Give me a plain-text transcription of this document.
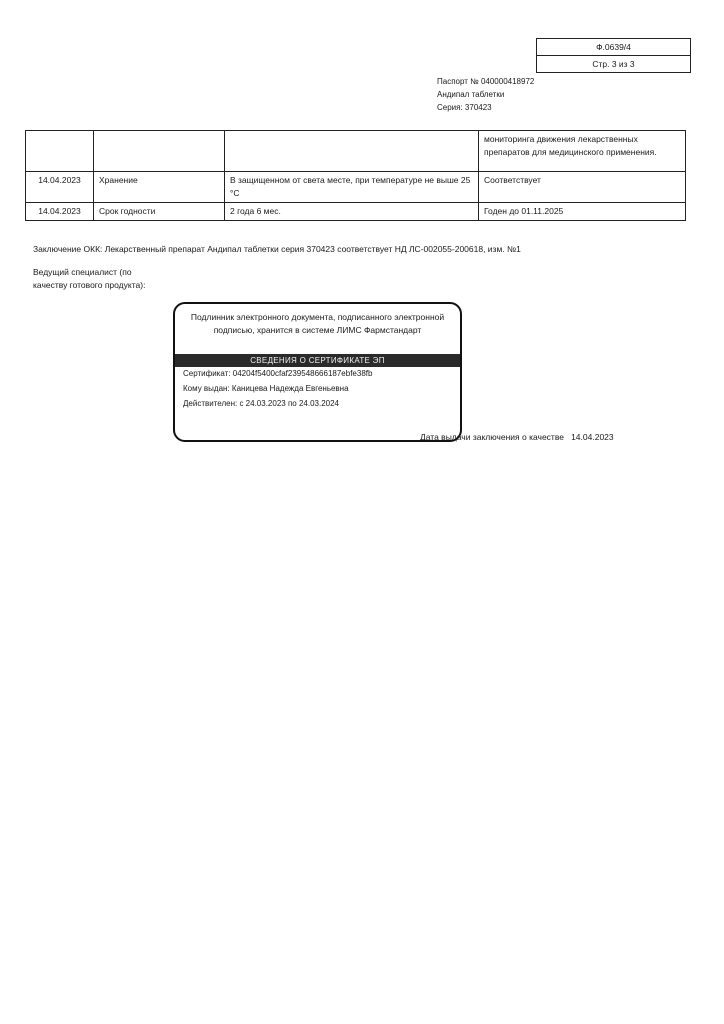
Ф.0639/4
Стр. 3 из 3
Паспорт № 040000418972
Андипал таблетки
Серия: 370423
			мониторинга движения лекарственных препаратов для медицинского применения.
14.04.2023	Хранение	В защищенном от света месте, при температуре не выше 25 °C	Соответствует
14.04.2023	Срок годности	2 года 6 мес.	Годен до 01.11.2025
Заключение ОКК: Лекарственный препарат Андипал таблетки серия 370423 соответствует НД ЛС-002055-200618, изм. №1
Ведущий специалист (по качеству готового продукта):
Подлинник электронного документа, подписанного электронной подписью, хранится в системе ЛИМС Фармстандарт
СВЕДЕНИЯ О СЕРТИФИКАТЕ ЭП
Сертификат: 04204f5400cfaf239548666187ebfe38fb
Кому выдан: Каницева Надежда Евгеньевна
Действителен: с 24.03.2023 по 24.03.2024
Дата выдачи заключения о качестве 14.04.2023
